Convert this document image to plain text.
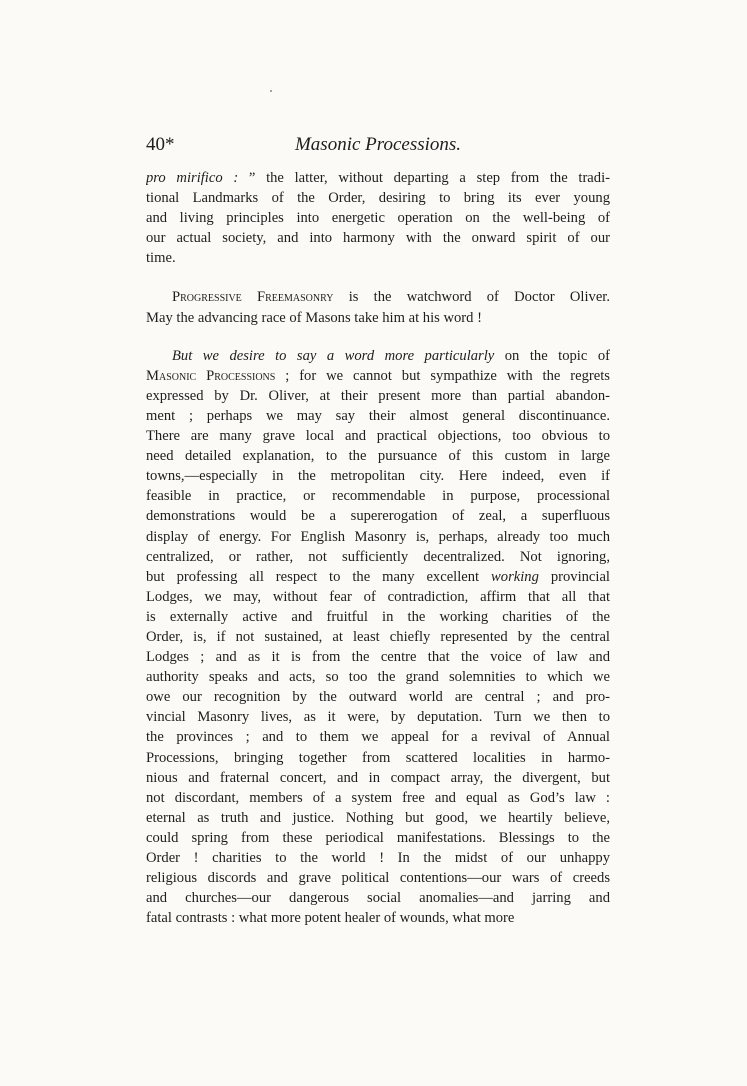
40*	Masonic Processions.
pro mirifico : ” the latter, without departing a step from the tradi-
tional Landmarks of the Order, desiring to bring its ever young
and living principles into energetic operation on the well-being of
our actual society, and into harmony with the onward spirit of our
time.
Progressive Freemasonry is the watchword of Doctor Oliver.
May the advancing race of Masons take him at his word !
But we desire to say a word more particularly on the topic of
Masonic Processions ; for we cannot but sympathize with the regrets
expressed by Dr. Oliver, at their present more than partial abandon-
ment ; perhaps we may say their almost general discontinuance.
There are many grave local and practical objections, too obvious to
need detailed explanation, to the pursuance of this custom in large
towns,—especially in the metropolitan city. Here indeed, even if
feasible in practice, or recommendable in purpose, processional
demonstrations would be a supererogation of zeal, a superfluous
display of energy. For English Masonry is, perhaps, already too much
centralized, or rather, not sufficiently decentralized. Not ignoring,
but professing all respect to the many excellent working provincial
Lodges, we may, without fear of contradiction, affirm that all that
is externally active and fruitful in the working charities of the
Order, is, if not sustained, at least chiefly represented by the central
Lodges ; and as it is from the centre that the voice of law and
authority speaks and acts, so too the grand solemnities to which we
owe our recognition by the outward world are central ; and pro-
vincial Masonry lives, as it were, by deputation. Turn we then to
the provinces ; and to them we appeal for a revival of Annual
Processions, bringing together from scattered localities in harmo-
nious and fraternal concert, and in compact array, the divergent, but
not discordant, members of a system free and equal as God’s law :
eternal as truth and justice. Nothing but good, we heartily believe,
could spring from these periodical manifestations. Blessings to the
Order ! charities to the world ! In the midst of our unhappy
religious discords and grave political contentions—our wars of creeds
and churches—our dangerous social anomalies—and jarring and
fatal contrasts : what more potent healer of wounds, what more
